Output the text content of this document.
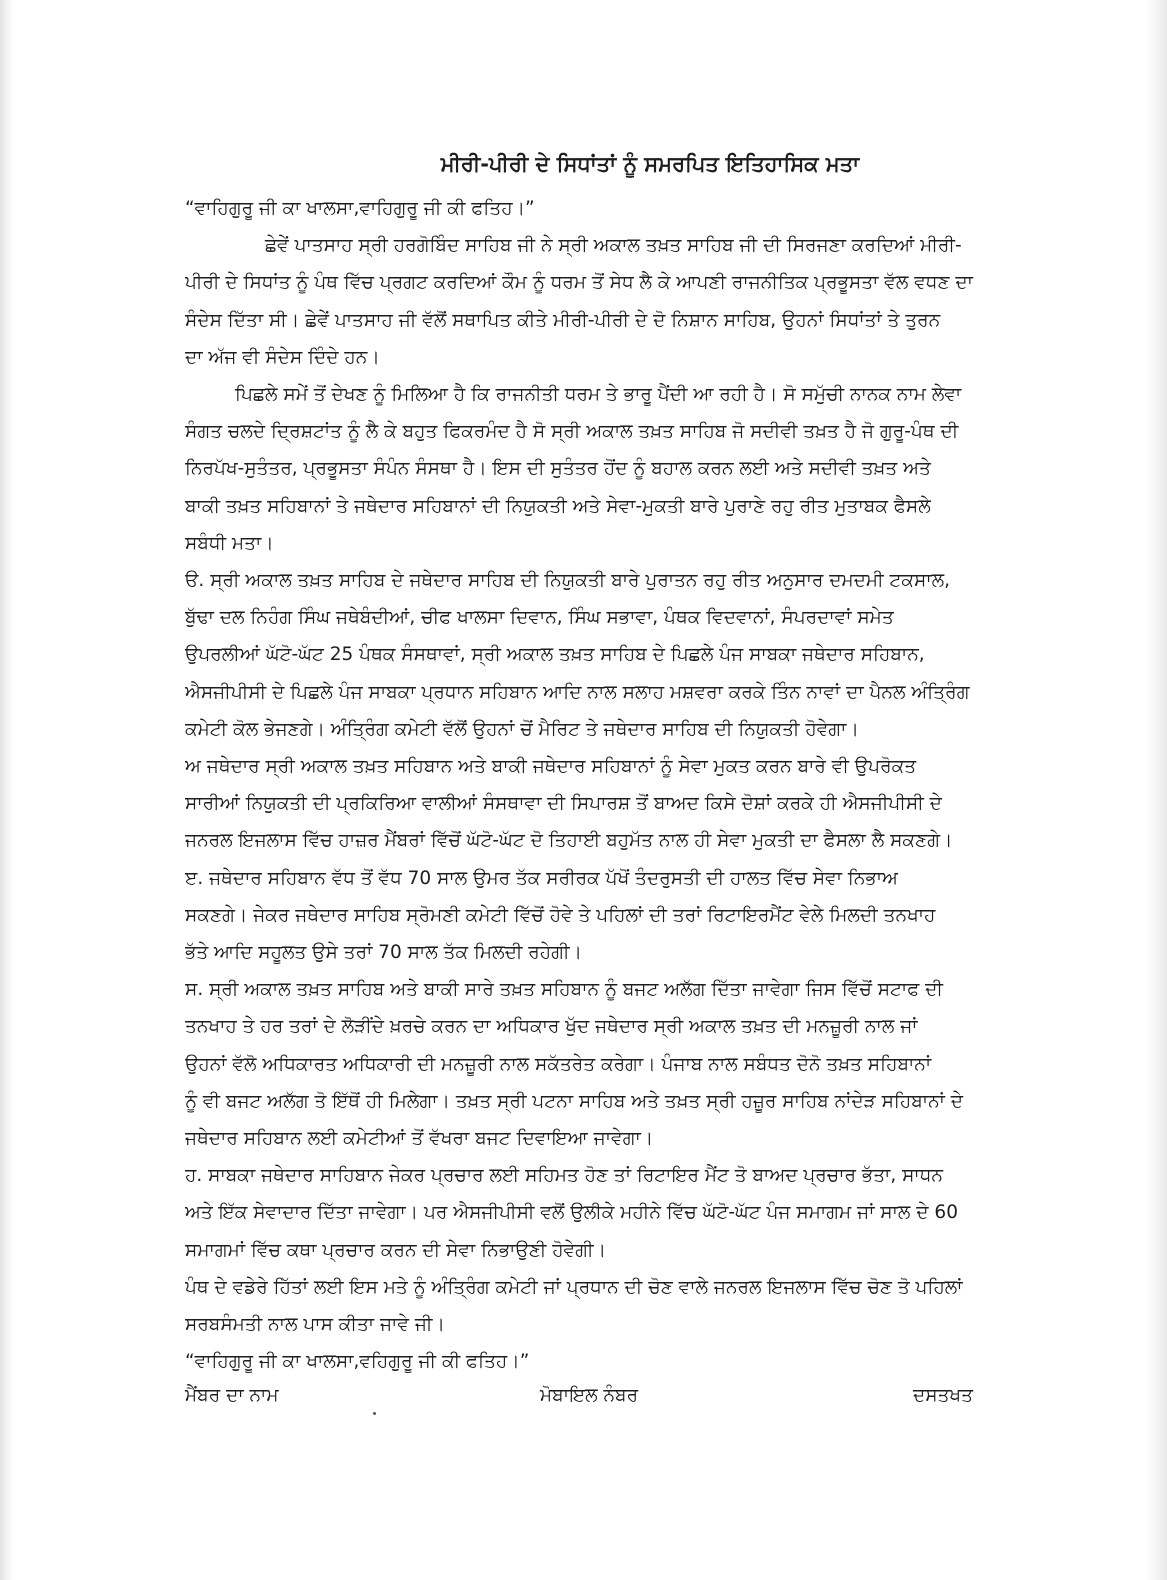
ਮੀਰੀ-ਪੀਰੀ ਦੇ ਸਿਧਾਂਤਾਂ ਨੂੰ ਸਮਰਪਿਤ ਇਤਿਹਾਸਿਕ ਮਤਾ
“ਵਾਹਿਗੁਰੂ ਜੀ ਕਾ ਖਾਲਸਾ,ਵਾਹਿਗੁਰੂ ਜੀ ਕੀ ਫਤਿਹ।”
ਛੇਵੇਂ ਪਾਤਸਾਹ ਸ੍ਰੀ ਹਰਗੋਬਿੰਦ ਸਾਹਿਬ ਜੀ ਨੇ ਸ੍ਰੀ ਅਕਾਲ ਤਖ਼ਤ ਸਾਹਿਬ ਜੀ ਦੀ ਸਿਰਜਣਾ ਕਰਦਿਆਂ ਮੀਰੀ-
ਪੀਰੀ ਦੇ ਸਿਧਾਂਤ ਨੂੰ ਪੰਥ ਵਿੱਚ ਪ੍ਰਗਟ ਕਰਦਿਆਂ ਕੌਮ ਨੂੰ ਧਰਮ ਤੋਂ ਸੇਧ ਲੈ ਕੇ ਆਪਣੀ ਰਾਜਨੀਤਿਕ ਪ੍ਰਭੂਸਤਾ ਵੱਲ ਵਧਣ ਦਾ
ਸੰਦੇਸ ਦਿੱਤਾ ਸੀ। ਛੇਵੇਂ ਪਾਤਸਾਹ ਜੀ ਵੱਲੋਂ ਸਥਾਪਿਤ ਕੀਤੇ ਮੀਰੀ-ਪੀਰੀ ਦੇ ਦੋ ਨਿਸ਼ਾਨ ਸਾਹਿਬ, ਉਹਨਾਂ ਸਿਧਾਂਤਾਂ ਤੇ ਤੁਰਨ
ਦਾ ਅੱਜ ਵੀ ਸੰਦੇਸ ਦਿੰਦੇ ਹਨ।
ਪਿਛਲੇ ਸਮੇਂ ਤੋਂ ਦੇਖਣ ਨੂੰ ਮਿਲਿਆ ਹੈ ਕਿ ਰਾਜਨੀਤੀ ਧਰਮ ਤੇ ਭਾਰੂ ਪੈਂਦੀ ਆ ਰਹੀ ਹੈ। ਸੋ ਸਮੁੱਚੀ ਨਾਨਕ ਨਾਮ ਲੇਵਾ
ਸੰਗਤ ਚਲਦੇ ਦ੍ਰਿਸ਼ਟਾਂਤ ਨੂੰ ਲੈ ਕੇ ਬਹੁਤ ਫਿਕਰਮੰਦ ਹੈ ਸੋ ਸ੍ਰੀ ਅਕਾਲ ਤਖ਼ਤ ਸਾਹਿਬ ਜੋ ਸਦੀਵੀ ਤਖ਼ਤ ਹੈ ਜੋ ਗੁਰੂ-ਪੰਥ ਦੀ
ਨਿਰਪੱਖ-ਸੁਤੰਤਰ, ਪ੍ਰਭੂਸਤਾ ਸੰਪੰਨ ਸੰਸਥਾ ਹੈ। ਇਸ ਦੀ ਸੁਤੰਤਰ ਹੋਂਦ ਨੂੰ ਬਹਾਲ ਕਰਨ ਲਈ ਅਤੇ ਸਦੀਵੀ ਤਖ਼ਤ ਅਤੇ
ਬਾਕੀ ਤਖ਼ਤ ਸਹਿਬਾਨਾਂ ਤੇ ਜਥੇਦਾਰ ਸਹਿਬਾਨਾਂ ਦੀ ਨਿਯੁਕਤੀ ਅਤੇ ਸੇਵਾ-ਮੁਕਤੀ ਬਾਰੇ ਪੁਰਾਣੇ ਰਹੁ ਰੀਤ ਮੁਤਾਬਕ ਫੈਸਲੇ
ਸਬੰਧੀ ਮਤਾ।
ੳ. ਸ੍ਰੀ ਅਕਾਲ ਤਖ਼ਤ ਸਾਹਿਬ ਦੇ ਜਥੇਦਾਰ ਸਾਹਿਬ ਦੀ ਨਿਯੁਕਤੀ ਬਾਰੇ ਪੁਰਾਤਨ ਰਹੁ ਰੀਤ ਅਨੁਸਾਰ ਦਮਦਮੀ ਟਕਸਾਲ,
ਬੁੱਢਾ ਦਲ ਨਿਹੰਗ ਸਿੰਘ ਜਥੇਬੰਦੀਆਂ, ਚੀਫ ਖਾਲਸਾ ਦਿਵਾਨ, ਸਿੰਘ ਸਭਾਵਾ, ਪੰਥਕ ਵਿਦਵਾਨਾਂ, ਸੰਪਰਦਾਵਾਂ ਸਮੇਤ
ਉਪਰਲੀਆਂ ਘੱਟੋ-ਘੱਟ 25 ਪੰਥਕ ਸੰਸਥਾਵਾਂ, ਸ੍ਰੀ ਅਕਾਲ ਤਖ਼ਤ ਸਾਹਿਬ ਦੇ ਪਿਛਲੇ ਪੰਜ ਸਾਬਕਾ ਜਥੇਦਾਰ ਸਹਿਬਾਨ,
ਐਸਜੀਪੀਸੀ ਦੇ ਪਿਛਲੇ ਪੰਜ ਸਾਬਕਾ ਪ੍ਰਧਾਨ ਸਹਿਬਾਨ ਆਦਿ ਨਾਲ ਸਲਾਹ ਮਸ਼ਵਰਾ ਕਰਕੇ ਤਿੰਨ ਨਾਵਾਂ ਦਾ ਪੈਨਲ ਅੰਤ੍ਰਿੰਗ
ਕਮੇਟੀ ਕੋਲ ਭੇਜਣਗੇ। ਅੰਤ੍ਰਿੰਗ ਕਮੇਟੀ ਵੱਲੋਂ ਉਹਨਾਂ ਚੋਂ ਮੈਰਿਟ ਤੇ ਜਥੇਦਾਰ ਸਾਹਿਬ ਦੀ ਨਿਯੁਕਤੀ ਹੋਵੇਗਾ।
ਅ ਜਥੇਦਾਰ ਸ੍ਰੀ ਅਕਾਲ ਤਖ਼ਤ ਸਹਿਬਾਨ ਅਤੇ ਬਾਕੀ ਜਥੇਦਾਰ ਸਹਿਬਾਨਾਂ ਨੂੰ ਸੇਵਾ ਮੁਕਤ ਕਰਨ ਬਾਰੇ ਵੀ ਉਪਰੋਕਤ
ਸਾਰੀਆਂ ਨਿਯੁਕਤੀ ਦੀ ਪ੍ਰਕਿਰਿਆ ਵਾਲੀਆਂ ਸੰਸਥਾਵਾ ਦੀ ਸਿਪਾਰਸ਼ ਤੋਂ ਬਾਅਦ ਕਿਸੇ ਦੋਸ਼ਾਂ ਕਰਕੇ ਹੀ ਐਸਜੀਪੀਸੀ ਦੇ
ਜਨਰਲ ਇਜਲਾਸ ਵਿੱਚ ਹਾਜ਼ਰ ਮੈਂਬਰਾਂ ਵਿੱਚੋਂ ਘੱਟੋ-ਘੱਟ ਦੋ ਤਿਹਾਈ ਬਹੁਮੱਤ ਨਾਲ ਹੀ ਸੇਵਾ ਮੁਕਤੀ ਦਾ ਫੈਸਲਾ ਲੈ ਸਕਣਗੇ।
ੲ. ਜਥੇਦਾਰ ਸਹਿਬਾਨ ਵੱਧ ਤੋਂ ਵੱਧ 70 ਸਾਲ ਉਮਰ ਤੱਕ ਸਰੀਰਕ ਪੱਖੋਂ ਤੰਦਰੁਸਤੀ ਦੀ ਹਾਲਤ ਵਿੱਚ ਸੇਵਾ ਨਿਭਾਅ
ਸਕਣਗੇ। ਜੇਕਰ ਜਥੇਦਾਰ ਸਾਹਿਬ ਸ੍ਰੋਮਣੀ ਕਮੇਟੀ ਵਿੱਚੋਂ ਹੋਵੇ ਤੇ ਪਹਿਲਾਂ ਦੀ ਤਰਾਂ ਰਿਟਾਇਰਮੈਂਟ ਵੇਲੇ ਮਿਲਦੀ ਤਨਖਾਹ
ਭੱਤੇ ਆਦਿ ਸਹੂਲਤ ਉਸੇ ਤਰਾਂ 70 ਸਾਲ ਤੱਕ ਮਿਲਦੀ ਰਹੇਗੀ।
ਸ. ਸ੍ਰੀ ਅਕਾਲ ਤਖ਼ਤ ਸਾਹਿਬ ਅਤੇ ਬਾਕੀ ਸਾਰੇ ਤਖ਼ਤ ਸਹਿਬਾਨ ਨੂੰ ਬਜਟ ਅਲੱਗ ਦਿੱਤਾ ਜਾਵੇਗਾ ਜਿਸ ਵਿੱਚੋਂ ਸਟਾਫ ਦੀ
ਤਨਖਾਹ ਤੇ ਹਰ ਤਰਾਂ ਦੇ ਲੋੜੀਂਦੇ ਖ਼ਰਚੇ ਕਰਨ ਦਾ ਅਧਿਕਾਰ ਖੁੱਦ ਜਥੇਦਾਰ ਸ੍ਰੀ ਅਕਾਲ ਤਖ਼ਤ ਦੀ ਮਨਜ਼ੂਰੀ ਨਾਲ ਜਾਂ
ਉਹਨਾਂ ਵੱਲੋ ਅਧਿਕਾਰਤ ਅਧਿਕਾਰੀ ਦੀ ਮਨਜ਼ੂਰੀ ਨਾਲ ਸਕੱਤਰੇਤ ਕਰੇਗਾ। ਪੰਜਾਬ ਨਾਲ ਸਬੰਧਤ ਦੋਨੋ ਤਖ਼ਤ ਸਹਿਬਾਨਾਂ
ਨੂੰ ਵੀ ਬਜਟ ਅਲੱਗ ਤੋ ਇੱਥੋਂ ਹੀ ਮਿਲੇਗਾ। ਤਖ਼ਤ ਸ੍ਰੀ ਪਟਨਾ ਸਾਹਿਬ ਅਤੇ ਤਖ਼ਤ ਸ੍ਰੀ ਹਜ਼ੂਰ ਸਾਹਿਬ ਨਾਂਦੇੜ ਸਹਿਬਾਨਾਂ ਦੇ
ਜਥੇਦਾਰ ਸਹਿਬਾਨ ਲਈ ਕਮੇਟੀਆਂ ਤੋਂ ਵੱਖਰਾ ਬਜਟ ਦਿਵਾਇਆ ਜਾਵੇਗਾ।
ਹ. ਸਾਬਕਾ ਜਥੇਦਾਰ ਸਾਹਿਬਾਨ ਜੇਕਰ ਪ੍ਰਚਾਰ ਲਈ ਸਹਿਮਤ ਹੋਣ ਤਾਂ ਰਿਟਾਇਰ ਮੈਂਟ ਤੋ ਬਾਅਦ ਪ੍ਰਚਾਰ ਭੱਤਾ, ਸਾਧਨ
ਅਤੇ ਇੱਕ ਸੇਵਾਦਾਰ ਦਿੱਤਾ ਜਾਵੇਗਾ। ਪਰ ਐਸਜੀਪੀਸੀ ਵਲੋਂ ਉਲੀਕੇ ਮਹੀਨੇ ਵਿੱਚ ਘੱਟੋ-ਘੱਟ ਪੰਜ ਸਮਾਗਮ ਜਾਂ ਸਾਲ ਦੇ 60
ਸਮਾਗਮਾਂ ਵਿੱਚ ਕਥਾ ਪ੍ਰਚਾਰ ਕਰਨ ਦੀ ਸੇਵਾ ਨਿਭਾਉਣੀ ਹੋਵੇਗੀ।
ਪੰਥ ਦੇ ਵਡੇਰੇ ਹਿੱਤਾਂ ਲਈ ਇਸ ਮਤੇ ਨੂੰ ਅੰਤ੍ਰਿੰਗ ਕਮੇਟੀ ਜਾਂ ਪ੍ਰਧਾਨ ਦੀ ਚੋਣ ਵਾਲੇ ਜਨਰਲ ਇਜਲਾਸ ਵਿੱਚ ਚੋਣ ਤੋ ਪਹਿਲਾਂ
ਸਰਬਸੰਮਤੀ ਨਾਲ ਪਾਸ ਕੀਤਾ ਜਾਵੇ ਜੀ।
“ਵਾਹਿਗੁਰੂ ਜੀ ਕਾ ਖਾਲਸਾ,ਵਹਿਗੁਰੂ ਜੀ ਕੀ ਫਤਿਹ।”
ਮੈਂਬਰ ਦਾ ਨਾਮ	ਮੋਬਾਇਲ ਨੰਬਰ	ਦਸਤਖਤ
